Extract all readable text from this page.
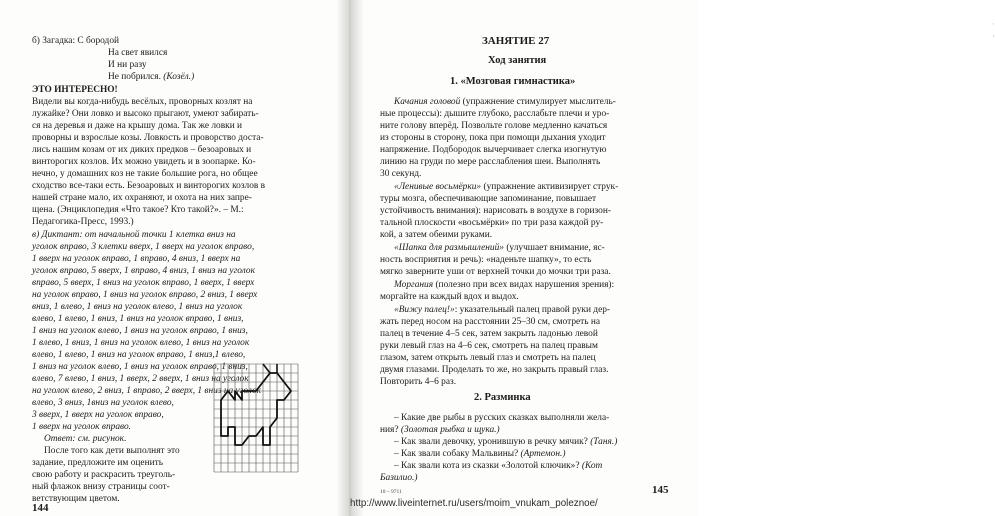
б) Загадка: С бородой
На свет явился
И ни разу
Не побрился. (Козёл.)
ЭТО ИНТЕРЕСНО!
Видели вы когда-нибудь весёлых, проворных козлят на
лужайке? Они ловко и высоко прыгают, умеют забирать-
ся на деревья и даже на крышу дома. Так же ловки и
проворны и взрослые козы. Ловкость и проворство доста-
лись нашим козам от их диких предков – безоаровых и
винторогих козлов. Их можно увидеть и в зоопарке. Ко-
нечно, у домашних коз не такие большие рога, но общее
сходство все-таки есть. Безоаровых и винторогих козлов в
нашей стране мало, их охраняют, и охота на них запре-
щена. (Энциклопедия «Что такое? Кто такой?». – М.:
Педагогика-Пресс, 1993.)
в) Диктант: от начальной точки 1 клетка вниз на
уголок вправо, 3 клетки вверх, 1 вверх на уголок вправо,
1 вверх на уголок вправо, 1 вправо, 4 вниз, 1 вверх на
уголок вправо, 5 вверх, 1 вправо, 4 вниз, 1 вниз на уголок
вправо, 5 вверх, 1 вниз на уголок вправо, 1 вверх, 1 вверх
на уголок вправо, 1 вниз на уголок вправо, 2 вниз, 1 вверх
вниз, 1 влево, 1 вниз на уголок влево, 1 вниз на уголок
влево, 1 влево, 1 вниз, 1 вниз на уголок вправо, 1 вниз,
1 вниз на уголок влево, 1 вниз на уголок вправо, 1 вниз,
1 влево, 1 вниз, 1 вниз на уголок влево, 1 вниз на уголок
влево, 1 влево, 1 вниз на уголок вправо, 1 вниз,1 влево,
1 вниз на уголок влево, 1 вниз на уголок вправо, 1 вниз,
влево, 7 влево, 1 вниз, 1 вверх, 2 вверх, 1 вниз на уголок
на уголок влево, 2 вниз, 1 вправо, 2 вверх, 1 вниз на уголок
влево, 3 вниз, 1вниз на уголок влево,
3 вверх, 1 вверх на уголок вправо,
1 вверх на уголок вправо.
Ответ: см. рисунок.
После того как дети выполнят это
задание, предложите им оценить
свою работу и раскрасить треуголь-
ный флажок внизу страницы соот-
ветствующим цветом.
144
· ·
ЗАНЯТИЕ 27
Ход занятия
1. «Мозговая гимнастика»
Качания головой (упражнение стимулирует мыслитель-
ные процессы): дышите глубоко, расслабьте плечи и уро-
ните голову вперёд. Позвольте голове медленно качаться
из стороны в сторону, пока при помощи дыхания уходит
напряжение. Подбородок вычерчивает слегка изогнутую
линию на груди по мере расслабления шеи. Выполнять
30 секунд.
«Ленивые восьмёрки» (упражнение активизирует струк-
туры мозга, обеспечивающие запоминание, повышает
устойчивость внимания): нарисовать в воздухе в горизон-
тальной плоскости «восьмёрки» по три раза каждой ру-
кой, а затем обеими руками.
«Шапка для размышлений» (улучшает внимание, яс-
ность восприятия и речь): «наденьте шапку», то есть
мягко заверните уши от верхней точки до мочки три раза.
Моргания (полезно при всех видах нарушения зрения):
моргайте на каждый вдох и выдох.
«Вижу палец!»: указательный палец правой руки дер-
жать перед носом на расстоянии 25–30 см, смотреть на
палец в течение 4–5 сек, затем закрыть ладонью левой
руки левый глаз на 4–6 сек, смотреть на палец правым
глазом, затем открыть левый глаз и смотреть на палец
двумя глазами. Проделать то же, но закрыть правый глаз.
Повторить 4–6 раз.
2. Разминка
– Какие две рыбы в русских сказках выполняли жела-
ния? (Золотая рыбка и щука.)
– Как звали девочку, уронившую в речку мячик? (Таня.)
– Как звали собаку Мальвины? (Артемон.)
– Как звали кота из сказки «Золотой ключик»? (Кот
Базилио.)
10 – 9711	145
http://www.liveinternet.ru/users/moim_vnukam_poleznoe/
